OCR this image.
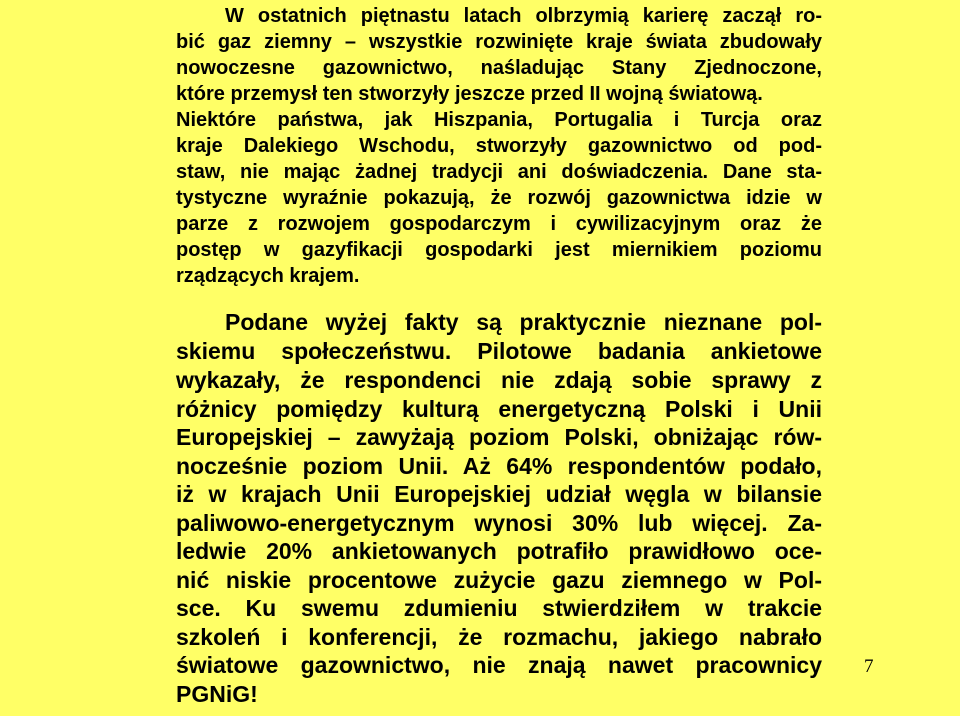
W ostatnich piętnastu latach olbrzymią karierę zaczął ro-
bić gaz ziemny – wszystkie rozwinięte kraje świata zbudowały
nowoczesne gazownictwo, naśladując Stany Zjednoczone,
które przemysł ten stworzyły jeszcze przed II wojną światową.
Niektóre państwa, jak Hiszpania, Portugalia i Turcja oraz
kraje Dalekiego Wschodu, stworzyły gazownictwo od pod-
staw, nie mając żadnej tradycji ani doświadczenia. Dane sta-
tystyczne wyraźnie pokazują, że rozwój gazownictwa idzie w
parze z rozwojem gospodarczym i cywilizacyjnym oraz że
postęp w gazyfikacji gospodarki jest miernikiem poziomu
rządzących krajem.
Podane wyżej fakty są praktycznie nieznane pol-
skiemu społeczeństwu. Pilotowe badania ankietowe
wykazały, że respondenci nie zdają sobie sprawy z
różnicy pomiędzy kulturą energetyczną Polski i Unii
Europejskiej – zawyżają poziom Polski, obniżając rów-
nocześnie poziom Unii. Aż 64% respondentów podało,
iż w krajach Unii Europejskiej udział węgla w bilansie
paliwowo-energetycznym wynosi 30% lub więcej. Za-
ledwie 20% ankietowanych potrafiło prawidłowo oce-
nić niskie procentowe zużycie gazu ziemnego w Pol-
sce. Ku swemu zdumieniu stwierdziłem w trakcie
szkoleń i konferencji, że rozmachu, jakiego nabrało
światowe gazownictwo, nie znają nawet pracownicy
PGNiG!
7
